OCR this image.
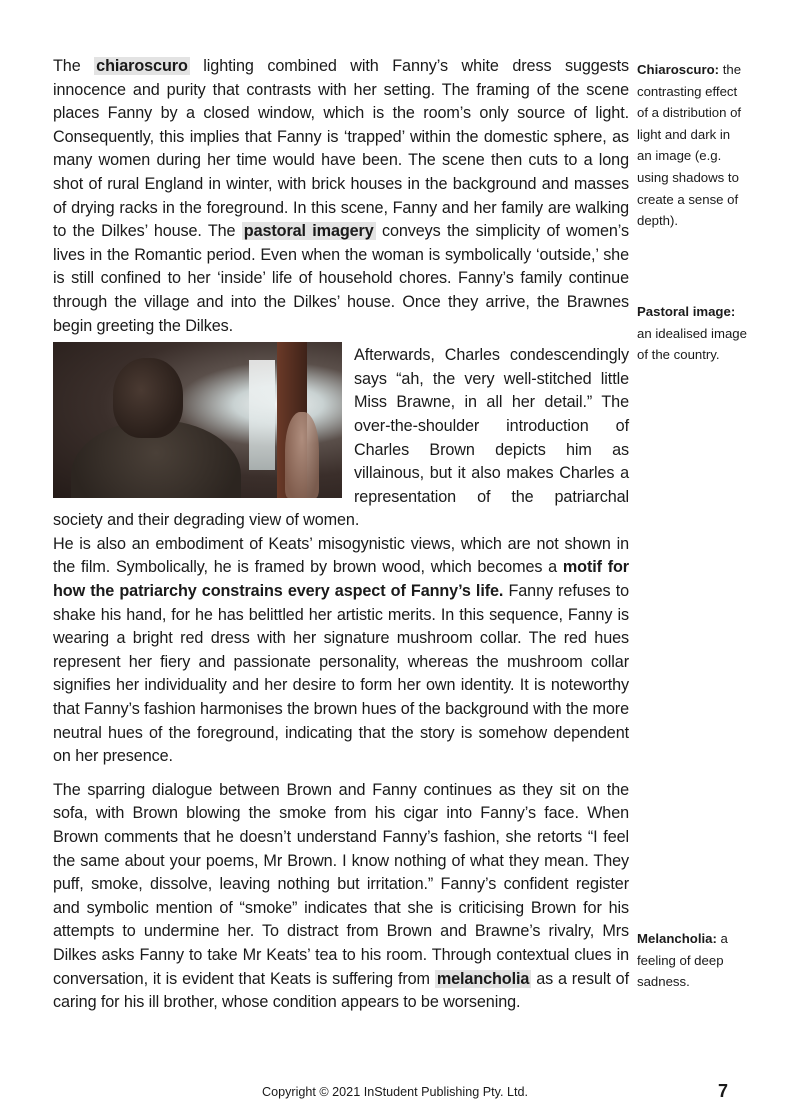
The chiaroscuro lighting combined with Fanny’s white dress suggests innocence and purity that contrasts with her setting. The framing of the scene places Fanny by a closed window, which is the room’s only source of light. Consequently, this implies that Fanny is ‘trapped’ within the domestic sphere, as many women during her time would have been. The scene then cuts to a long shot of rural England in winter, with brick houses in the background and masses of drying racks in the foreground. In this scene, Fanny and her family are walking to the Dilkes’ house. The pastoral imagery conveys the simplicity of women’s lives in the Romantic period. Even when the woman is symbolically ‘outside,’ she is still confined to her ‘inside’ life of household chores. Fanny’s family continue through the village and into the Dilkes’ house. Once they arrive, the Brawnes begin greeting the Dilkes.

Afterwards, Charles condescendingly says “ah, the very well-stitched little Miss Brawne, in all her detail.” The over-the-shoulder introduction of Charles Brown depicts him as villainous, but it also makes Charles a representation of the patriarchal society and their degrading view of women.

He is also an embodiment of Keats’ misogynistic views, which are not shown in the film. Symbolically, he is framed by brown wood, which becomes a motif for how the patriarchy constrains every aspect of Fanny’s life. Fanny refuses to shake his hand, for he has belittled her artistic merits. In this sequence, Fanny is wearing a bright red dress with her signature mushroom collar. The red hues represent her fiery and passionate personality, whereas the mushroom collar signifies her individuality and her desire to form her own identity. It is noteworthy that Fanny’s fashion harmonises the brown hues of the background with the more neutral hues of the foreground, indicating that the story is somehow dependent on her presence.

The sparring dialogue between Brown and Fanny continues as they sit on the sofa, with Brown blowing the smoke from his cigar into Fanny’s face. When Brown comments that he doesn’t understand Fanny’s fashion, she retorts “I feel the same about your poems, Mr Brown. I know nothing of what they mean. They puff, smoke, dissolve, leaving nothing but irritation.” Fanny’s confident register and symbolic mention of “smoke” indicates that she is criticising Brown for his attempts to undermine her. To distract from Brown and Brawne’s rivalry, Mrs Dilkes asks Fanny to take Mr Keats’ tea to his room. Through contextual clues in conversation, it is evident that Keats is suffering from melancholia as a result of caring for his ill brother, whose condition appears to be worsening.

Chiaroscuro: the contrasting effect of a distribution of light and dark in an image (e.g. using shadows to create a sense of depth).

Pastoral image: an idealised image of the country.

Melancholia: a feeling of deep sadness.

Copyright © 2021 InStudent Publishing Pty. Ltd.	7
